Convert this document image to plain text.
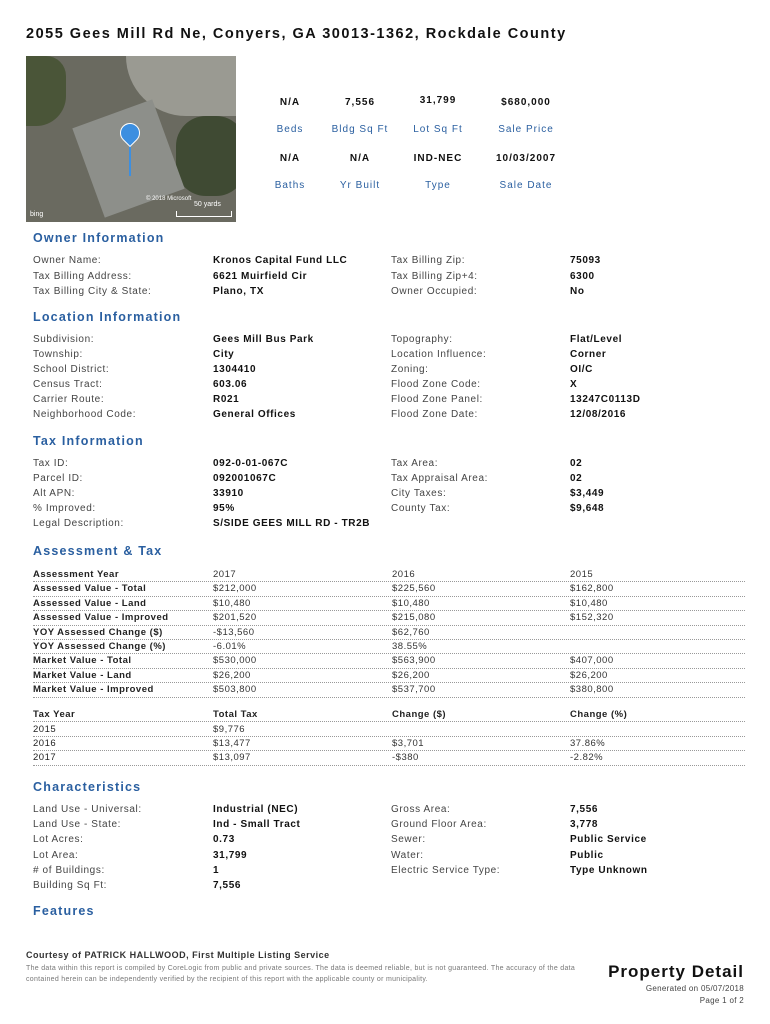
2055 Gees Mill Rd Ne, Conyers, GA 30013-1362, Rockdale County
bing
© 2018 Microsoft
50 yards
N/A	7,556	31,799	$680,000
Beds	Bldg Sq Ft	Lot Sq Ft	Sale Price
N/A	N/A	IND-NEC	10/03/2007
Baths	Yr Built	Type	Sale Date
Owner Information
Owner Name:	Kronos Capital Fund LLC
Tax Billing Address:	6621 Muirfield Cir
Tax Billing City & State:	Plano, TX
Tax Billing Zip:	75093
Tax Billing Zip+4:	6300
Owner Occupied:	No
Location Information
Subdivision:	Gees Mill Bus Park
Township:	City
School District:	1304410
Census Tract:	603.06
Carrier Route:	R021
Neighborhood Code:	General Offices
Topography:	Flat/Level
Location Influence:	Corner
Zoning:	OI/C
Flood Zone Code:	X
Flood Zone Panel:	13247C0113D
Flood Zone Date:	12/08/2016
Tax Information
Tax ID:	092-0-01-067C
Parcel ID:	092001067C
Alt APN:	33910
% Improved:	95%
Legal Description:	S/SIDE GEES MILL RD - TR2B
Tax Area:	02
Tax Appraisal Area:	02
City Taxes:	$3,449
County Tax:	$9,648
Assessment & Tax
Assessment Year	2017	2016	2015
Assessed Value - Total	$212,000	$225,560	$162,800
Assessed Value - Land	$10,480	$10,480	$10,480
Assessed Value - Improved	$201,520	$215,080	$152,320
YOY Assessed Change ($)	-$13,560	$62,760
YOY Assessed Change (%)	-6.01%	38.55%
Market Value - Total	$530,000	$563,900	$407,000
Market Value - Land	$26,200	$26,200	$26,200
Market Value - Improved	$503,800	$537,700	$380,800
Tax Year	Total Tax	Change ($)	Change (%)
2015	$9,776
2016	$13,477	$3,701	37.86%
2017	$13,097	-$380	-2.82%
Characteristics
Land Use - Universal:	Industrial (NEC)
Land Use - State:	Ind - Small Tract
Lot Acres:	0.73
Lot Area:	31,799
# of Buildings:	1
Building Sq Ft:	7,556
Gross Area:	7,556
Ground Floor Area:	3,778
Sewer:	Public Service
Water:	Public
Electric Service Type:	Type Unknown
Features
Courtesy of PATRICK HALLWOOD, First Multiple Listing Service
The data within this report is compiled by CoreLogic from public and private sources. The data is deemed reliable, but is not guaranteed. The accuracy of the data contained herein can be independently verified by the recipient of this report with the applicable county or municipality.	Property Detail
Generated on 05/07/2018
Page 1 of 2
